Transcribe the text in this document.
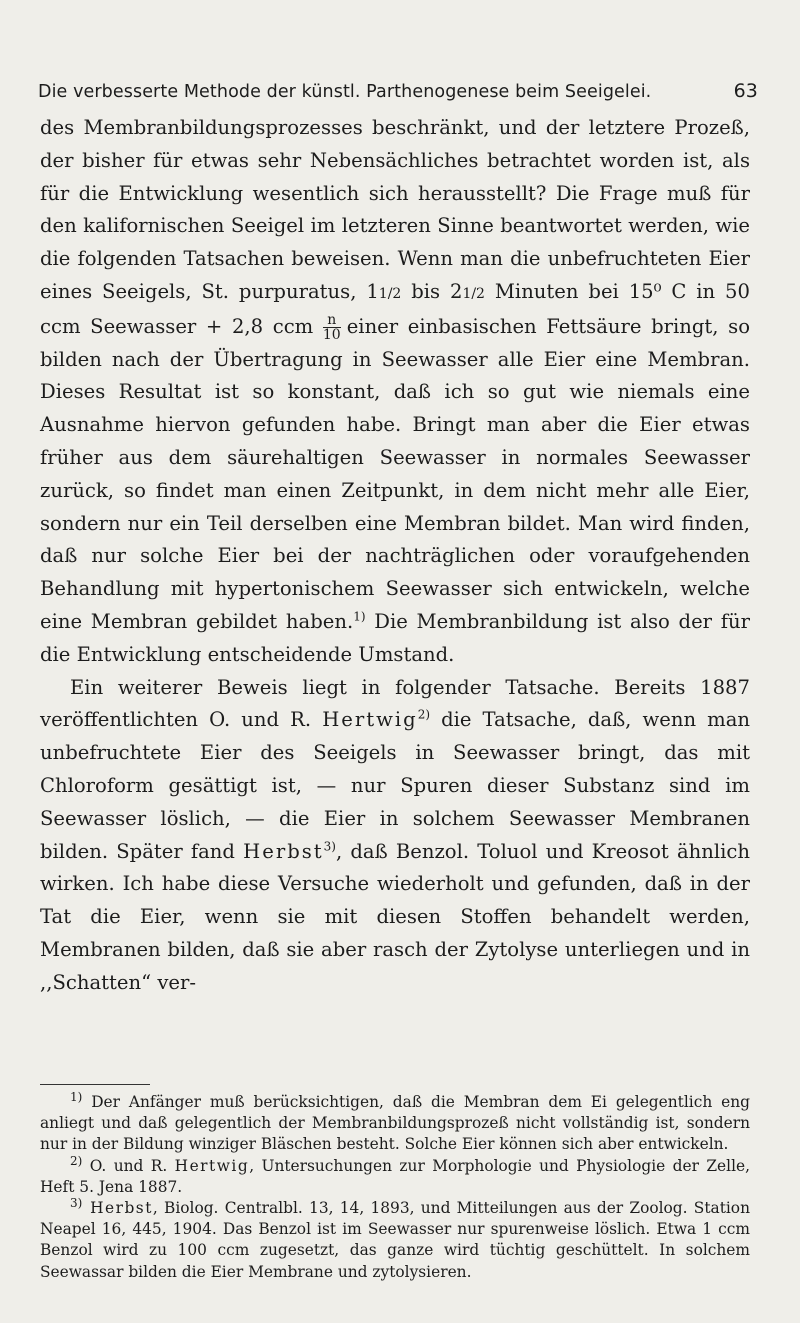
Die verbesserte Methode der künstl. Parthenogenese beim Seeigelei.	63

des Membranbildungsprozesses beschränkt, und der letztere Prozeß, der bisher für etwas sehr Nebensächliches betrachtet worden ist, als für die Entwicklung wesentlich sich herausstellt? Die Frage muß für den kalifornischen Seeigel im letzteren Sinne beantwortet werden, wie die folgenden Tatsachen beweisen. Wenn man die unbefruchteten Eier eines Seeigels, St. purpuratus, 11/2 bis 21/2 Minuten bei 15⁰ C in 50 ccm Seewasser + 2,8 ccm $\frac{n}{10}$ einer einbasischen Fettsäure bringt, so bilden nach der Übertragung in Seewasser alle Eier eine Membran. Dieses Resultat ist so konstant, daß ich so gut wie niemals eine Ausnahme hiervon gefunden habe. Bringt man aber die Eier etwas früher aus dem säurehaltigen Seewasser in normales Seewasser zurück, so findet man einen Zeitpunkt, in dem nicht mehr alle Eier, sondern nur ein Teil derselben eine Membran bildet. Man wird finden, daß nur solche Eier bei der nachträglichen oder voraufgehenden Behandlung mit hypertonischem Seewasser sich entwickeln, welche eine Membran gebildet haben.$^{1)}$ Die Membranbildung ist also der für die Entwicklung entscheidende Umstand.

Ein weiterer Beweis liegt in folgender Tatsache. Bereits 1887 veröffentlichten O. und R. Hertwig$^{2)}$ die Tatsache, daß, wenn man unbefruchtete Eier des Seeigels in Seewasser bringt, das mit Chloroform gesättigt ist, — nur Spuren dieser Substanz sind im Seewasser löslich, — die Eier in solchem Seewasser Membranen bilden. Später fand Herbst$^{3)}$, daß Benzol. Toluol und Kreosot ähnlich wirken. Ich habe diese Versuche wiederholt und gefunden, daß in der Tat die Eier, wenn sie mit diesen Stoffen behandelt werden, Membranen bilden, daß sie aber rasch der Zytolyse unterliegen und in ,,Schatten“ ver-

$^{1)}$ Der Anfänger muß berücksichtigen, daß die Membran dem Ei gelegentlich eng anliegt und daß gelegentlich der Membranbildungsprozeß nicht vollständig ist, sondern nur in der Bildung winziger Bläschen besteht. Solche Eier können sich aber entwickeln.

$^{2)}$ O. und R. Hertwig, Untersuchungen zur Morphologie und Physiologie der Zelle, Heft 5. Jena 1887.

$^{3)}$ Herbst, Biolog. Centralbl. 13, 14, 1893, und Mitteilungen aus der Zoolog. Station Neapel 16, 445, 1904. Das Benzol ist im Seewasser nur spurenweise löslich. Etwa 1 ccm Benzol wird zu 100 ccm zugesetzt, das ganze wird tüchtig geschüttelt. In solchem Seewassar bilden die Eier Membrane und zytolysieren.
